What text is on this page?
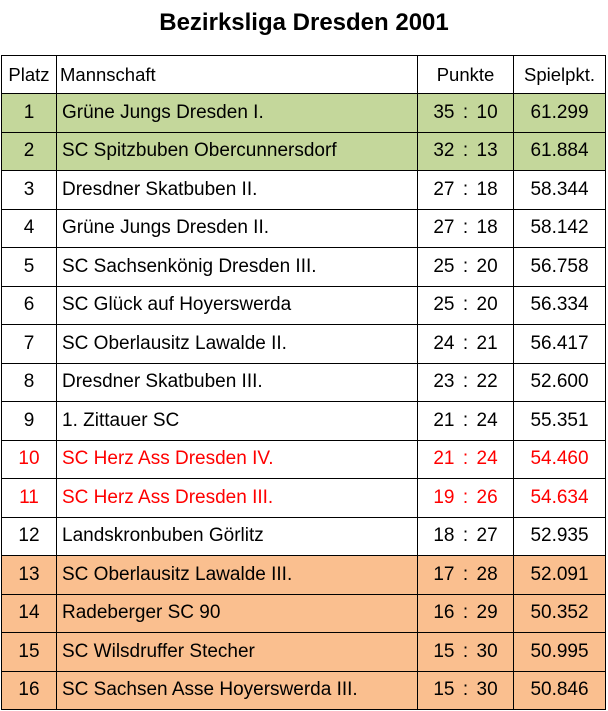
Bezirksliga Dresden 2001
Platz	Mannschaft	Punkte	Spielpkt.
1	Grüne Jungs Dresden I.	35 : 10	61.299
2	SC Spitzbuben Obercunnersdorf	32 : 13	61.884
3	Dresdner Skatbuben II.	27 : 18	58.344
4	Grüne Jungs Dresden II.	27 : 18	58.142
5	SC Sachsenkönig Dresden III.	25 : 20	56.758
6	SC Glück auf Hoyerswerda	25 : 20	56.334
7	SC Oberlausitz Lawalde II.	24 : 21	56.417
8	Dresdner Skatbuben III.	23 : 22	52.600
9	1. Zittauer SC	21 : 24	55.351
10	SC Herz Ass Dresden IV.	21 : 24	54.460
11	SC Herz Ass Dresden III.	19 : 26	54.634
12	Landskronbuben Görlitz	18 : 27	52.935
13	SC Oberlausitz Lawalde III.	17 : 28	52.091
14	Radeberger SC 90	16 : 29	50.352
15	SC Wilsdruffer Stecher	15 : 30	50.995
16	SC Sachsen Asse Hoyerswerda III.	15 : 30	50.846
